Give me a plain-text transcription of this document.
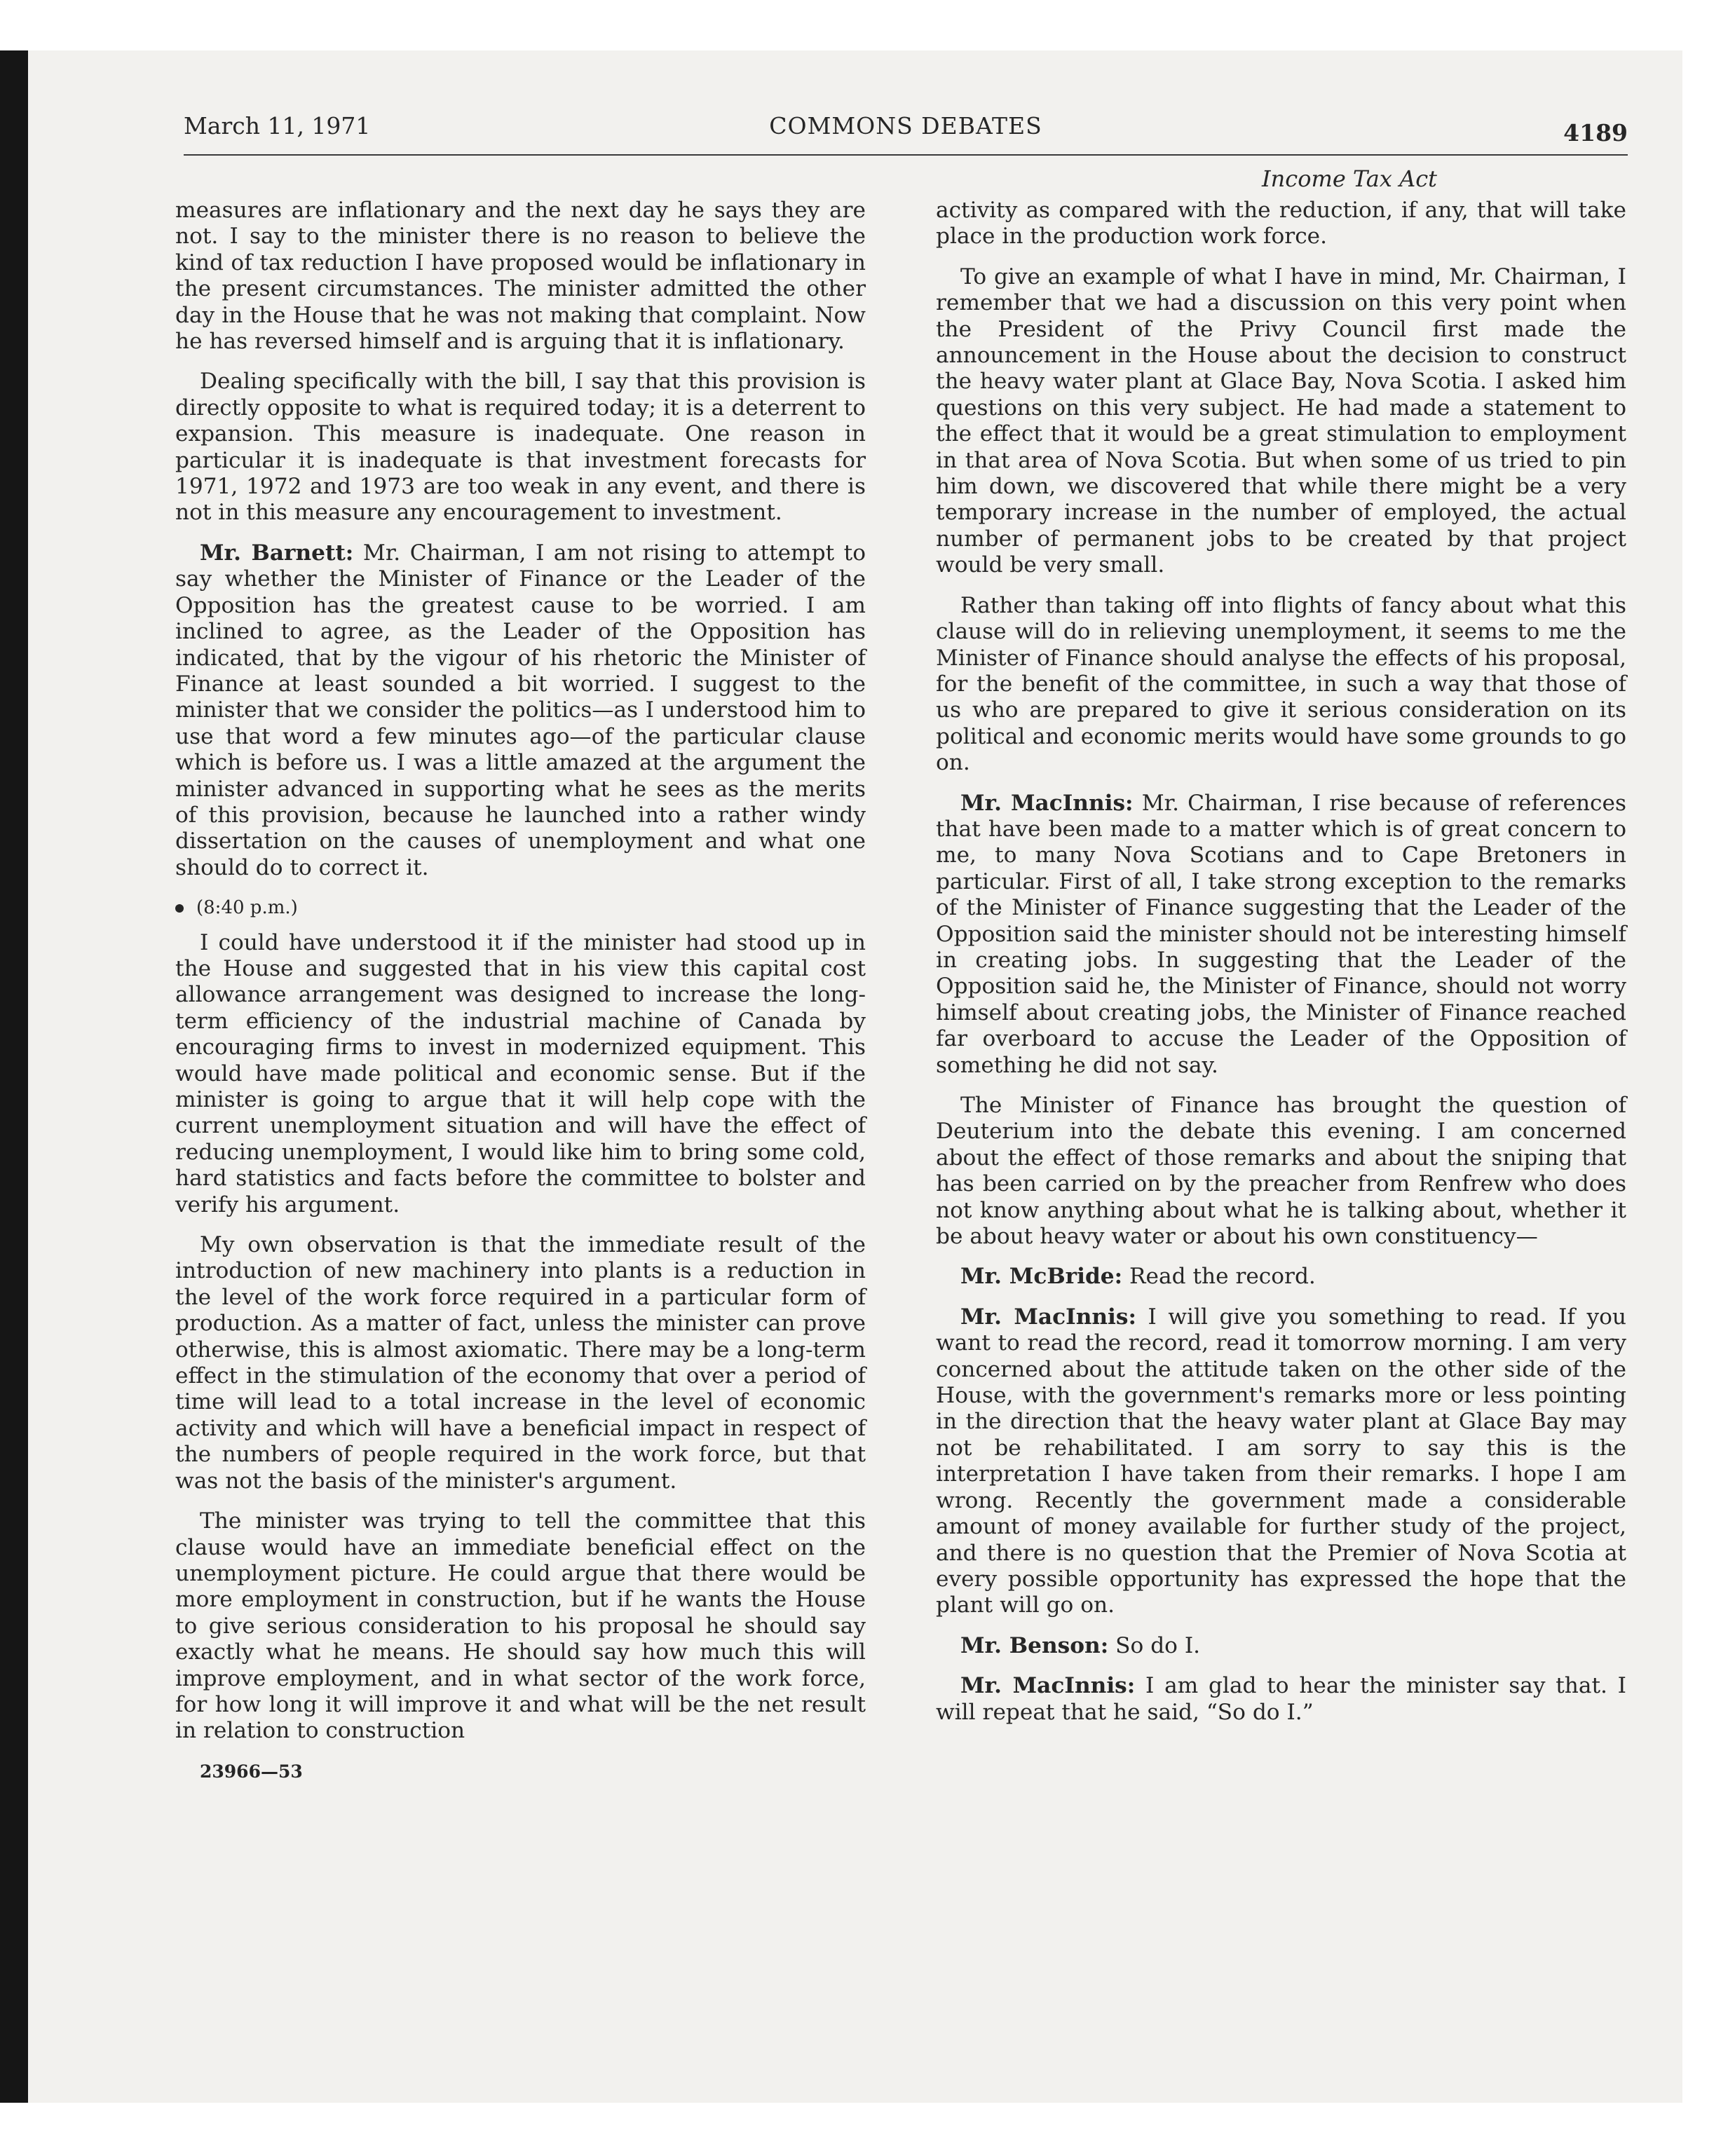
March 11, 1971	COMMONS DEBATES	4189
Income Tax Act

measures are inflationary and the next day he says they are not. I say to the minister there is no reason to believe the kind of tax reduction I have proposed would be inflationary in the present circumstances. The minister admitted the other day in the House that he was not making that complaint. Now he has reversed himself and is arguing that it is inflationary.

Dealing specifically with the bill, I say that this provision is directly opposite to what is required today; it is a deterrent to expansion. This measure is inadequate. One reason in particular it is inadequate is that investment forecasts for 1971, 1972 and 1973 are too weak in any event, and there is not in this measure any encouragement to investment.

Mr. Barnett: Mr. Chairman, I am not rising to attempt to say whether the Minister of Finance or the Leader of the Opposition has the greatest cause to be worried. I am inclined to agree, as the Leader of the Opposition has indicated, that by the vigour of his rhetoric the Minister of Finance at least sounded a bit worried. I suggest to the minister that we consider the politics—as I understood him to use that word a few minutes ago—of the particular clause which is before us. I was a little amazed at the argument the minister advanced in supporting what he sees as the merits of this provision, because he launched into a rather windy dissertation on the causes of unemployment and what one should do to correct it.

(8:40 p.m.)

I could have understood it if the minister had stood up in the House and suggested that in his view this capital cost allowance arrangement was designed to increase the long-term efficiency of the industrial machine of Canada by encouraging firms to invest in modernized equipment. This would have made political and economic sense. But if the minister is going to argue that it will help cope with the current unemployment situation and will have the effect of reducing unemployment, I would like him to bring some cold, hard statistics and facts before the committee to bolster and verify his argument.

My own observation is that the immediate result of the introduction of new machinery into plants is a reduction in the level of the work force required in a particular form of production. As a matter of fact, unless the minister can prove otherwise, this is almost axiomatic. There may be a long-term effect in the stimulation of the economy that over a period of time will lead to a total increase in the level of economic activity and which will have a beneficial impact in respect of the numbers of people required in the work force, but that was not the basis of the minister's argument.

The minister was trying to tell the committee that this clause would have an immediate beneficial effect on the unemployment picture. He could argue that there would be more employment in construction, but if he wants the House to give serious consideration to his proposal he should say exactly what he means. He should say how much this will improve employment, and in what sector of the work force, for how long it will improve it and what will be the net result in relation to construction

23966—53

activity as compared with the reduction, if any, that will take place in the production work force.

To give an example of what I have in mind, Mr. Chairman, I remember that we had a discussion on this very point when the President of the Privy Council first made the announcement in the House about the decision to construct the heavy water plant at Glace Bay, Nova Scotia. I asked him questions on this very subject. He had made a statement to the effect that it would be a great stimulation to employment in that area of Nova Scotia. But when some of us tried to pin him down, we discovered that while there might be a very temporary increase in the number of employed, the actual number of permanent jobs to be created by that project would be very small.

Rather than taking off into flights of fancy about what this clause will do in relieving unemployment, it seems to me the Minister of Finance should analyse the effects of his proposal, for the benefit of the committee, in such a way that those of us who are prepared to give it serious consideration on its political and economic merits would have some grounds to go on.

Mr. MacInnis: Mr. Chairman, I rise because of references that have been made to a matter which is of great concern to me, to many Nova Scotians and to Cape Bretoners in particular. First of all, I take strong exception to the remarks of the Minister of Finance suggesting that the Leader of the Opposition said the minister should not be interesting himself in creating jobs. In suggesting that the Leader of the Opposition said he, the Minister of Finance, should not worry himself about creating jobs, the Minister of Finance reached far overboard to accuse the Leader of the Opposition of something he did not say.

The Minister of Finance has brought the question of Deuterium into the debate this evening. I am concerned about the effect of those remarks and about the sniping that has been carried on by the preacher from Renfrew who does not know anything about what he is talking about, whether it be about heavy water or about his own constituency—

Mr. McBride: Read the record.

Mr. MacInnis: I will give you something to read. If you want to read the record, read it tomorrow morning. I am very concerned about the attitude taken on the other side of the House, with the government's remarks more or less pointing in the direction that the heavy water plant at Glace Bay may not be rehabilitated. I am sorry to say this is the interpretation I have taken from their remarks. I hope I am wrong. Recently the government made a considerable amount of money available for further study of the project, and there is no question that the Premier of Nova Scotia at every possible opportunity has expressed the hope that the plant will go on.

Mr. Benson: So do I.

Mr. MacInnis: I am glad to hear the minister say that. I will repeat that he said, “So do I.”
